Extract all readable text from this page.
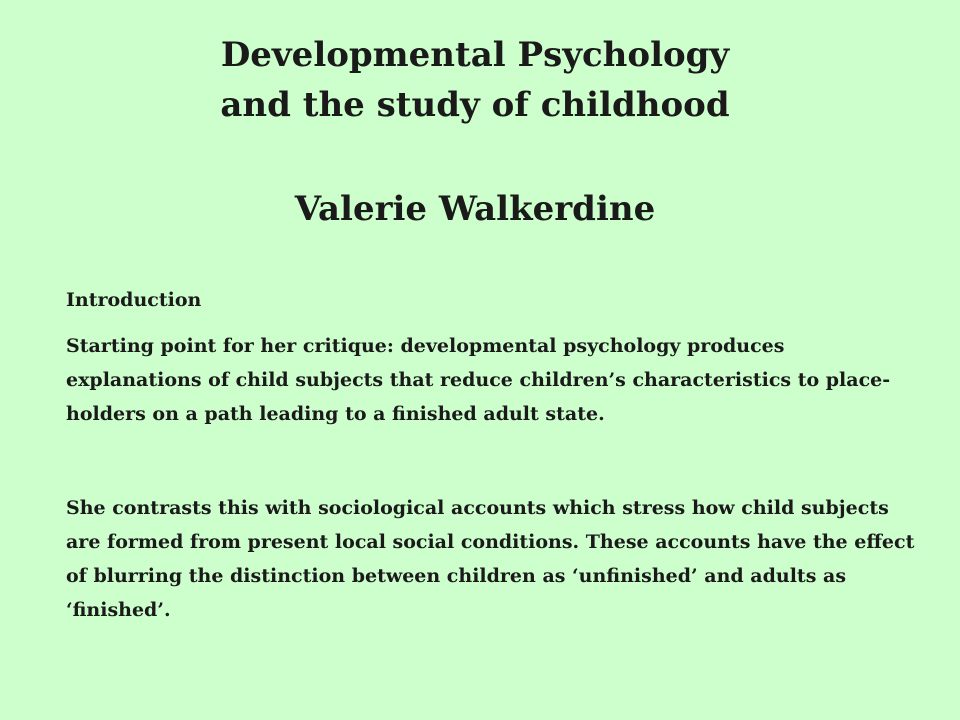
Developmental Psychology
and the study of childhood
Valerie Walkerdine
Introduction
Starting point for her critique: developmental psychology produces explanations of child subjects that reduce children’s characteristics to place-holders on a path leading to a finished adult state.
She contrasts this with sociological accounts which stress how child subjects are formed from present local social conditions. These accounts have the effect of blurring the distinction between children as ‘unfinished’ and adults as ‘finished’.
